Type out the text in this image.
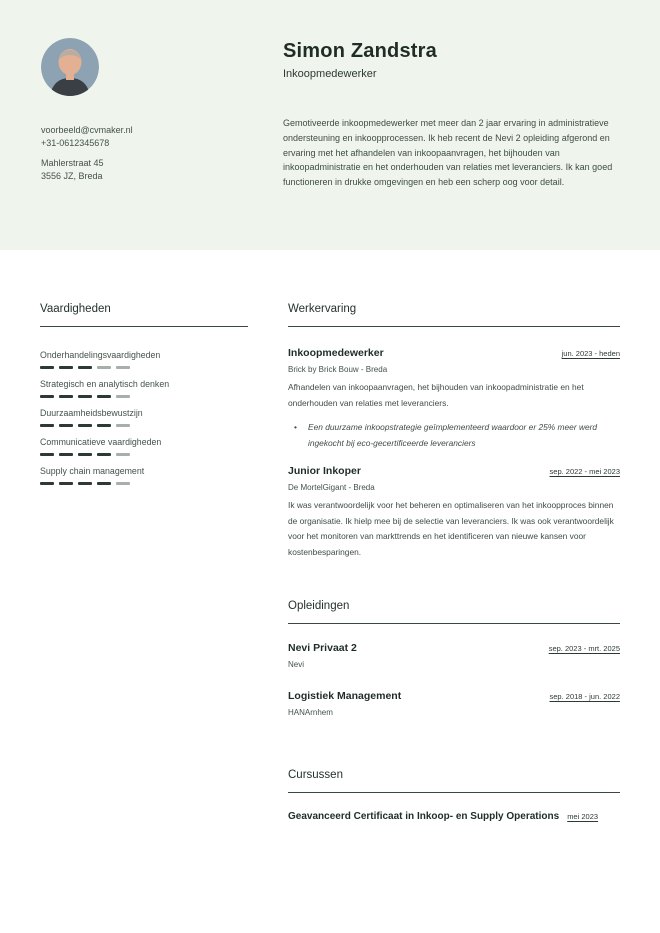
voorbeeld@cvmaker.nl
+31-0612345678
Mahlerstraat 45
3556 JZ, Breda
Simon Zandstra
Inkoopmedewerker
Gemotiveerde inkoopmedewerker met meer dan 2 jaar ervaring in administratieve ondersteuning en inkoopprocessen. Ik heb recent de Nevi 2 opleiding afgerond en ervaring met het afhandelen van inkoopaanvragen, het bijhouden van inkoopadministratie en het onderhouden van relaties met leveranciers. Ik kan goed functioneren in drukke omgevingen en heb een scherp oog voor detail.
Vaardigheden
Onderhandelingsvaardigheden
Strategisch en analytisch denken
Duurzaamheidsbewustzijn
Communicatieve vaardigheden
Supply chain management
Werkervaring
Inkoopmedewerker	jun. 2023 - heden
Brick by Brick Bouw - Breda
Afhandelen van inkoopaanvragen, het bijhouden van inkoopadministratie en het onderhouden van relaties met leveranciers.
• Een duurzame inkoopstrategie geïmplementeerd waardoor er 25% meer werd ingekocht bij eco-gecertificeerde leveranciers
Junior Inkoper	sep. 2022 - mei 2023
De MortelGigant - Breda
Ik was verantwoordelijk voor het beheren en optimaliseren van het inkoopproces binnen de organisatie. Ik hielp mee bij de selectie van leveranciers. Ik was ook verantwoordelijk voor het monitoren van markttrends en het identificeren van nieuwe kansen voor kostenbesparingen.
Opleidingen
Nevi Privaat 2	sep. 2023 - mrt. 2025
Nevi
Logistiek Management	sep. 2018 - jun. 2022
HANArnhem
Cursussen
Geavanceerd Certificaat in Inkoop- en Supply Operations mei 2023
